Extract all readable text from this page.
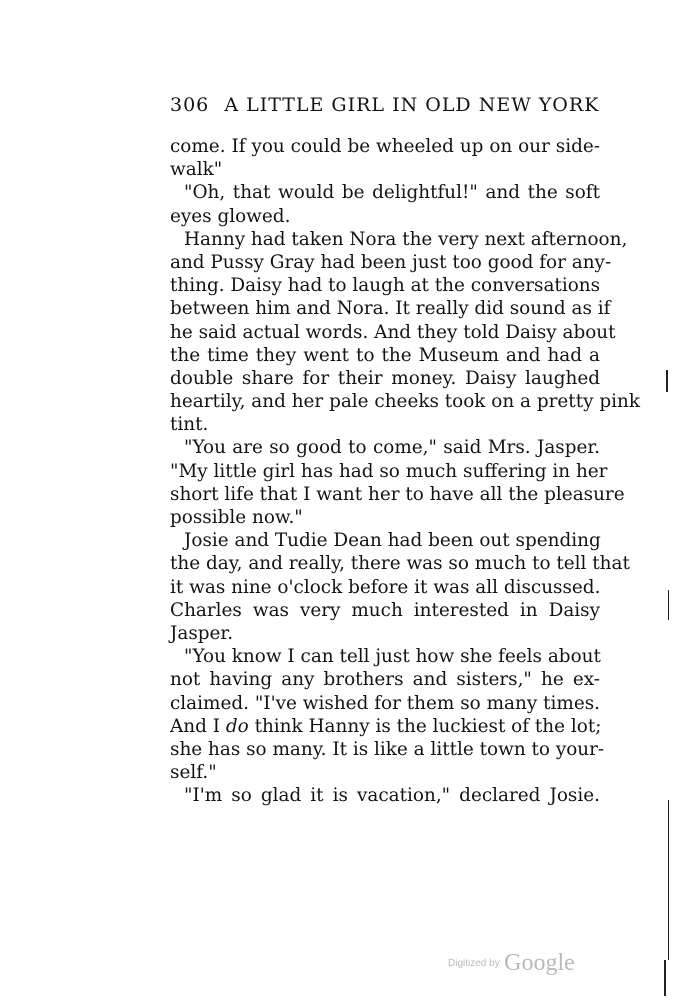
306 A LITTLE GIRL IN OLD NEW YORK
come. If you could be wheeled up on our side-
walk"
"Oh, that would be delightful!" and the soft
eyes glowed.
Hanny had taken Nora the very next afternoon,
and Pussy Gray had been just too good for any-
thing. Daisy had to laugh at the conversations
between him and Nora. It really did sound as if
he said actual words. And they told Daisy about
the time they went to the Museum and had a
double share for their money. Daisy laughed
heartily, and her pale cheeks took on a pretty pink
tint.
"You are so good to come," said Mrs. Jasper.
"My little girl has had so much suffering in her
short life that I want her to have all the pleasure
possible now."
Josie and Tudie Dean had been out spending
the day, and really, there was so much to tell that
it was nine o'clock before it was all discussed.
Charles was very much interested in Daisy
Jasper.
"You know I can tell just how she feels about
not having any brothers and sisters," he ex-
claimed. "I've wished for them so many times.
And I do think Hanny is the luckiest of the lot;
she has so many. It is like a little town to your-
self."
"I'm so glad it is vacation," declared Josie.
Digitized by Google
